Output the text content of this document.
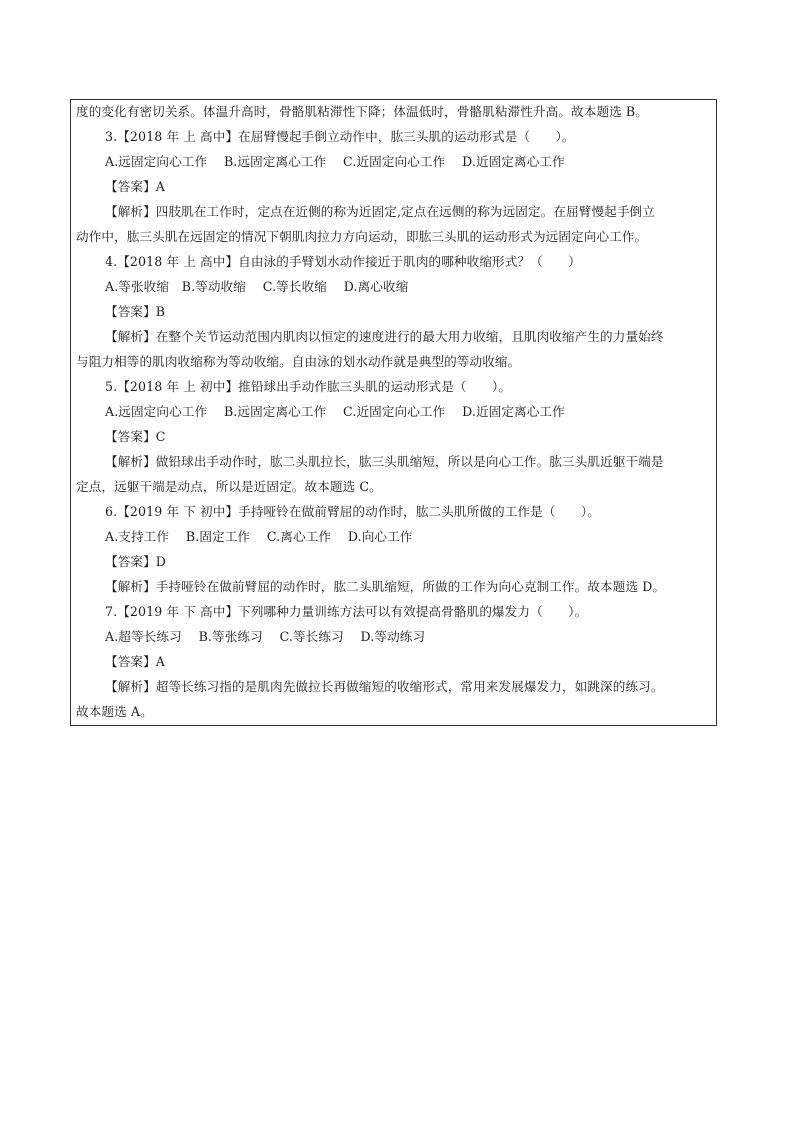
度的变化有密切关系。体温升高时，骨骼肌粘滞性下降；体温低时，骨骼肌粘滞性升高。故本题选 B。
3.【2018 年 上 高中】在屈臂慢起手倒立动作中，肱三头肌的运动形式是（　　）。
A.远固定向心工作　 B.远固定离心工作　 C.近固定向心工作　 D.近固定离心工作
【答案】A
【解析】四肢肌在工作时，定点在近侧的称为近固定,定点在远侧的称为远固定。在屈臂慢起手倒立
动作中，肱三头肌在远固定的情况下朝肌肉拉力方向运动，即肱三头肌的运动形式为远固定向心工作。
4.【2018 年 上 高中】自由泳的手臂划水动作接近于肌肉的哪种收缩形式？（　　）
A.等张收缩　B.等动收缩　 C.等长收缩　 D.离心收缩
【答案】B
【解析】在整个关节运动范围内肌肉以恒定的速度进行的最大用力收缩，且肌肉收缩产生的力量始终
与阻力相等的肌肉收缩称为等动收缩。自由泳的划水动作就是典型的等动收缩。
5.【2018 年 上 初中】推铅球出手动作肱三头肌的运动形式是（　　）。
A.远固定向心工作　 B.远固定离心工作　 C.近固定向心工作　 D.近固定离心工作
【答案】C
【解析】做铅球出手动作时，肱二头肌拉长，肱三头肌缩短，所以是向心工作。肱三头肌近躯干端是
定点，远躯干端是动点，所以是近固定。故本题选 C。
6.【2019 年 下 初中】手持哑铃在做前臂屈的动作时，肱二头肌所做的工作是（　　）。
A.支持工作　 B.固定工作　 C.离心工作　 D.向心工作
【答案】D
【解析】手持哑铃在做前臂屈的动作时，肱二头肌缩短，所做的工作为向心克制工作。故本题选 D。
7.【2019 年 下 高中】下列哪种力量训练方法可以有效提高骨骼肌的爆发力（　　）。
A.超等长练习　 B.等张练习　 C.等长练习　 D.等动练习
【答案】A
【解析】超等长练习指的是肌肉先做拉长再做缩短的收缩形式，常用来发展爆发力，如跳深的练习。
故本题选 A。
